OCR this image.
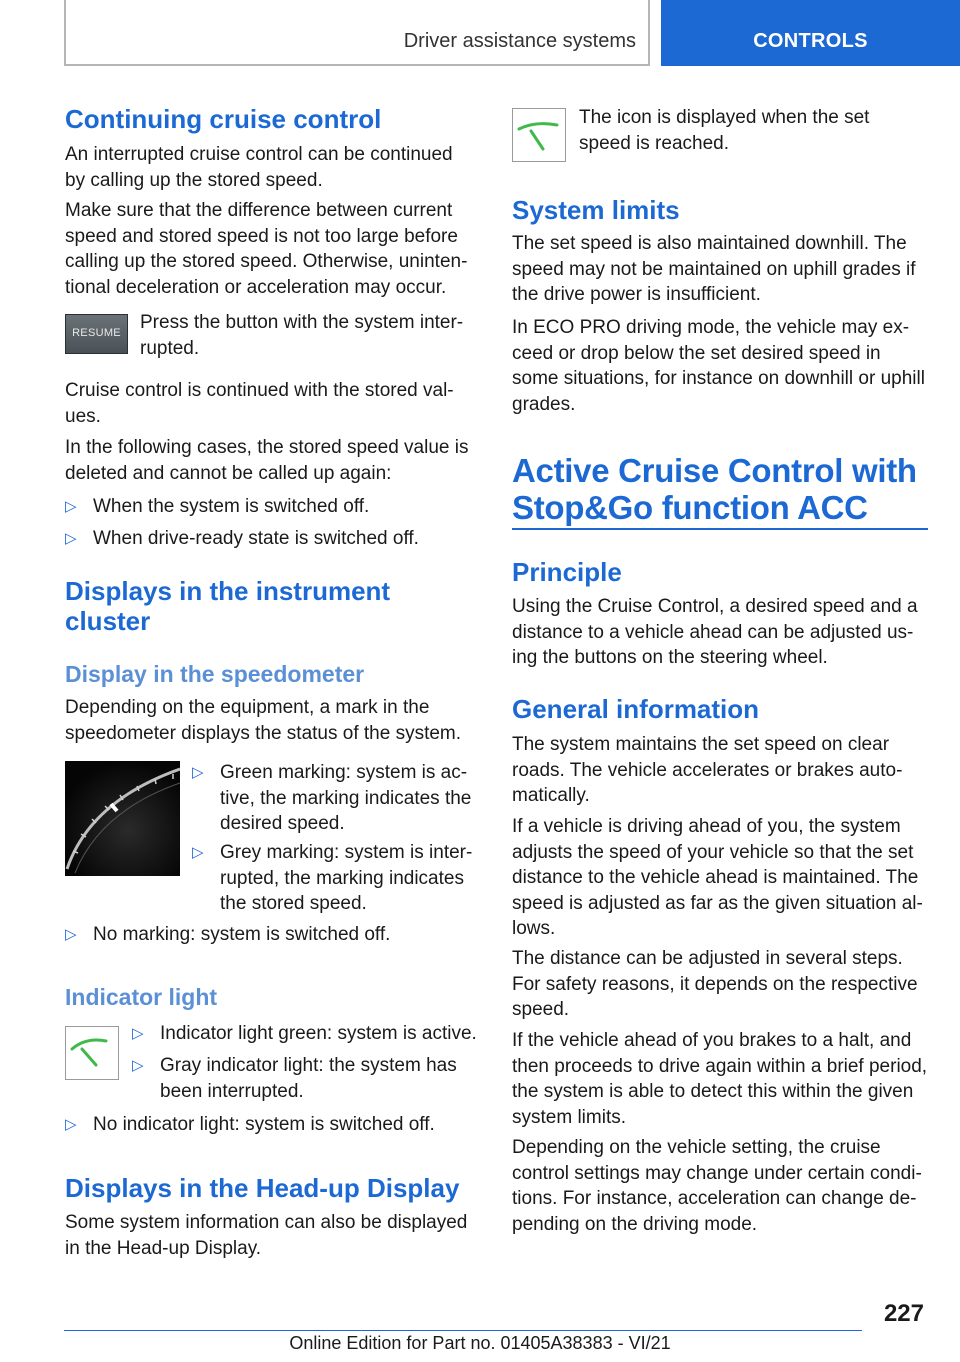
Driver assistance systems	CONTROLS
Continuing cruise control
An interrupted cruise control can be continued by calling up the stored speed.
Make sure that the difference between current speed and stored speed is not too large before calling up the stored speed. Otherwise, uninten‐tional deceleration or acceleration may occur.
RESUME	Press the button with the system inter‐rupted.
Cruise control is continued with the stored val‐ues.
In the following cases, the stored speed value is deleted and cannot be called up again:
▷ When the system is switched off.
▷ When drive-ready state is switched off.
Displays in the instrument cluster
Display in the speedometer
Depending on the equipment, a mark in the speedometer displays the status of the system.
▷ Green marking: system is ac‐tive, the marking indicates the desired speed.
▷ Grey marking: system is inter‐rupted, the marking indicates the stored speed.
▷ No marking: system is switched off.
Indicator light
▷ Indicator light green: system is active.
▷ Gray indicator light: the system has been interrupted.
▷ No indicator light: system is switched off.
Displays in the Head-up Display
Some system information can also be displayed in the Head-up Display.
The icon is displayed when the set speed is reached.
System limits
The set speed is also maintained downhill. The speed may not be maintained on uphill grades if the drive power is insufficient.
In ECO PRO driving mode, the vehicle may ex‐ceed or drop below the set desired speed in some situations, for instance on downhill or uphill grades.
Active Cruise Control with Stop&Go function ACC
Principle
Using the Cruise Control, a desired speed and a distance to a vehicle ahead can be adjusted us‐ing the buttons on the steering wheel.
General information
The system maintains the set speed on clear roads. The vehicle accelerates or brakes auto‐matically.
If a vehicle is driving ahead of you, the system adjusts the speed of your vehicle so that the set distance to the vehicle ahead is maintained. The speed is adjusted as far as the given situation al‐lows.
The distance can be adjusted in several steps. For safety reasons, it depends on the respective speed.
If the vehicle ahead of you brakes to a halt, and then proceeds to drive again within a brief period, the system is able to detect this within the given system limits.
Depending on the vehicle setting, the cruise control settings may change under certain condi‐tions. For instance, acceleration can change de‐pending on the driving mode.
227
Online Edition for Part no. 01405A38383 - VI/21
